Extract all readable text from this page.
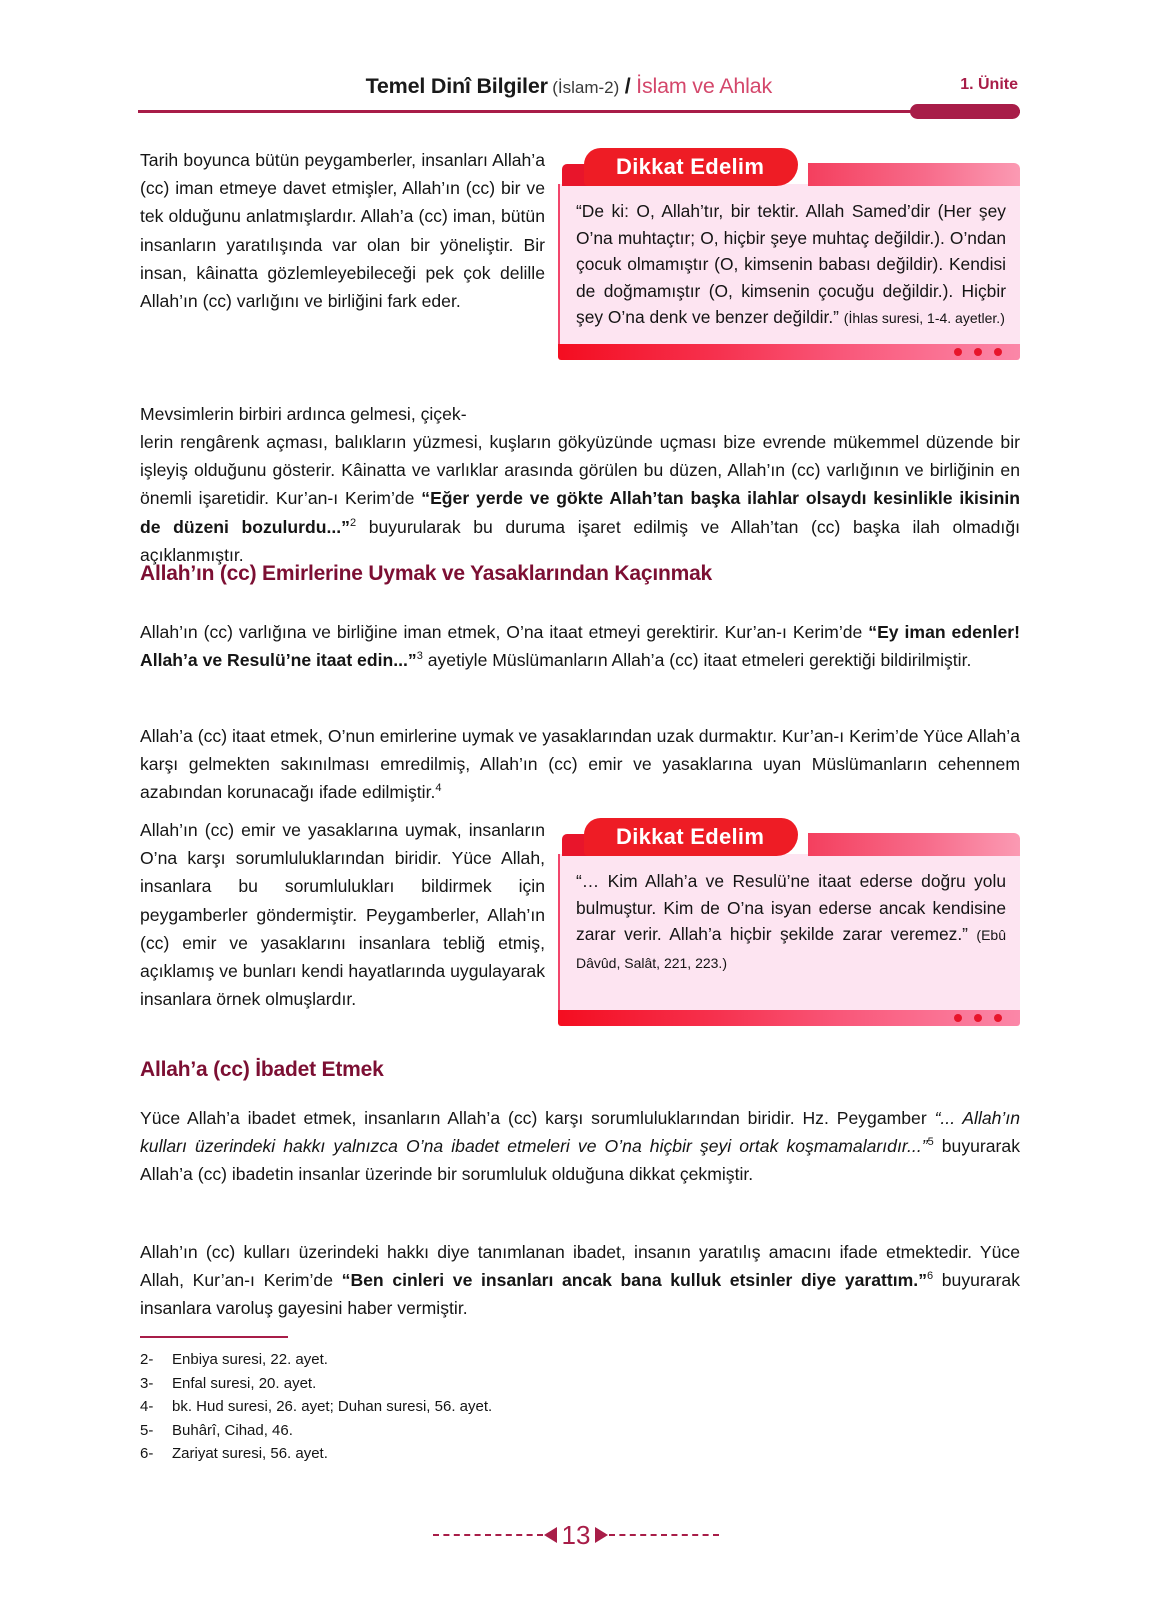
Temel Dinî Bilgiler (İslam-2) / İslam ve Ahlak	1. Ünite
Tarih boyunca bütün peygamberler, insanları Allah’a (cc) iman etmeye davet etmişler, Allah’ın (cc) bir ve tek olduğunu anlatmışlardır. Allah’a (cc) iman, bütün insanların yaratılışında var olan bir yöneliştir. Bir insan, kâinatta gözlemleyebileceği pek çok delille Allah’ın (cc) varlığını ve birliğini fark eder.
Dikkat Edelim
“De ki: O, Allah’tır, bir tektir. Allah Samed’dir (Her şey O’na muhtaçtır; O, hiçbir şeye muhtaç değildir.). O’ndan çocuk olmamıştır (O, kimsenin babası değildir). Kendisi de doğmamıştır (O, kimsenin çocuğu değildir.). Hiçbir şey O’na denk ve benzer değildir.” (İhlas suresi, 1-4. ayetler.)
Mevsimlerin birbiri ardınca gelmesi, çiçek-
lerin rengârenk açması, balıkların yüzmesi, kuşların gökyüzünde uçması bize evrende mükemmel düzende bir işleyiş olduğunu gösterir. Kâinatta ve varlıklar arasında görülen bu düzen, Allah’ın (cc) varlığının ve birliğinin en önemli işaretidir. Kur’an-ı Kerim’de “Eğer yerde ve gökte Allah’tan başka ilahlar olsaydı kesinlikle ikisinin de düzeni bozulurdu...”$^2$ buyurularak bu duruma işaret edilmiş ve Allah’tan (cc) başka ilah olmadığı açıklanmıştır.
Allah’ın (cc) Emirlerine Uymak ve Yasaklarından Kaçınmak
Allah’ın (cc) varlığına ve birliğine iman etmek, O’na itaat etmeyi gerektirir. Kur’an-ı Kerim’de “Ey iman edenler! Allah’a ve Resulü’ne itaat edin...”$^3$ ayetiyle Müslümanların Allah’a (cc) itaat etmeleri gerektiği bildirilmiştir.
Allah’a (cc) itaat etmek, O’nun emirlerine uymak ve yasaklarından uzak durmaktır. Kur’an-ı Kerim’de Yüce Allah’a karşı gelmekten sakınılması emredilmiş, Allah’ın (cc) emir ve yasaklarına uyan Müslümanların cehennem azabından korunacağı ifade edilmiştir.$^4$
Allah’ın (cc) emir ve yasaklarına uymak, insanların O’na karşı sorumluluklarından biridir. Yüce Allah, insanlara bu sorumlulukları bildirmek için peygamberler göndermiştir. Peygamberler, Allah’ın (cc) emir ve yasaklarını insanlara tebliğ etmiş, açıklamış ve bunları kendi hayatlarında uygulayarak insanlara örnek olmuşlardır.
Dikkat Edelim
“… Kim Allah’a ve Resulü’ne itaat ederse doğru yolu bulmuştur. Kim de O’na isyan ederse ancak kendisine zarar verir. Allah’a hiçbir şekilde zarar veremez.” (Ebû Dâvûd, Salât, 221, 223.)
Allah’a (cc) İbadet Etmek
Yüce Allah’a ibadet etmek, insanların Allah’a (cc) karşı sorumluluklarından biridir. Hz. Peygamber “... Allah’ın kulları üzerindeki hakkı yalnızca O’na ibadet etmeleri ve O’na hiçbir şeyi ortak koşmamalarıdır...”$^5$ buyurarak Allah’a (cc) ibadetin insanlar üzerinde bir sorumluluk olduğuna dikkat çekmiştir.
Allah’ın (cc) kulları üzerindeki hakkı diye tanımlanan ibadet, insanın yaratılış amacını ifade etmektedir. Yüce Allah, Kur’an-ı Kerim’de “Ben cinleri ve insanları ancak bana kulluk etsinler diye yarattım.”$^6$ buyurarak insanlara varoluş gayesini haber vermiştir.
2- Enbiya suresi, 22. ayet.
3- Enfal suresi, 20. ayet.
4- bk. Hud suresi, 26. ayet; Duhan suresi, 56. ayet.
5- Buhârî, Cihad, 46.
6- Zariyat suresi, 56. ayet.
13
